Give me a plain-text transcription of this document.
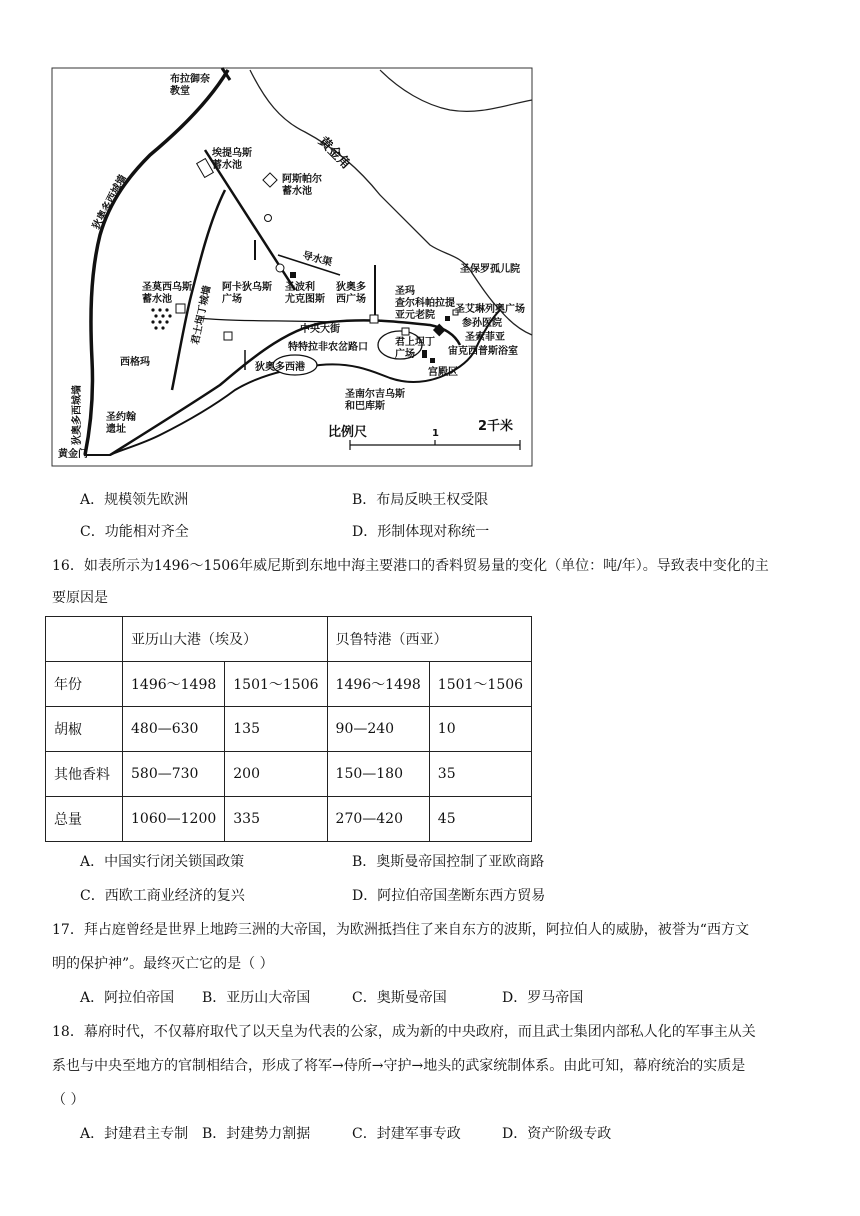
布拉御奈教堂
黄金角
狄奥多西城墙
狄奥多西城墙
君士坦丁城墙
埃提乌斯蓄水池
阿斯帕尔蓄水池
导水渠
圣莫西乌斯蓄水池
阿卡狄乌斯广场
圣波利尤克图斯
狄奥多西广场
圣玛查尔科帕拉提亚元老院
圣保罗孤儿院
圣艾琳列奥广场
参孙医院
圣索菲亚
宙克西普斯浴室
中央大街
特特拉非农岔路口	君上坦丁广场
宫殿区
西格玛	狄奥多西港
圣南尔吉乌斯和巴库斯
圣约翰遗址
黄金门
比例尺	1	2千米
A．规模领先欧洲	B．布局反映王权受限
C．功能相对齐全	D．形制体现对称统一
16．如表所示为1496～1506年威尼斯到东地中海主要港口的香料贸易量的变化（单位：吨/年）。导致表中变化的主
要原因是
	亚历山大港（埃及）		贝鲁特港（西亚）	
年份	1496～1498	1501～1506	1496～1498	1501～1506
胡椒	480—630	135	90—240	10
其他香料	580—730	200	150—180	35
总量	1060—1200	335	270—420	45
A．中国实行闭关锁国政策	B．奥斯曼帝国控制了亚欧商路
C．西欧工商业经济的复兴	D．阿拉伯帝国垄断东西方贸易
17．拜占庭曾经是世界上地跨三洲的大帝国，为欧洲抵挡住了来自东方的波斯，阿拉伯人的威胁，被誉为“西方文
明的保护神”。最终灭亡它的是（ ）
A．阿拉伯帝国 B．亚历山大帝国	C．奥斯曼帝国	D．罗马帝国
18．幕府时代，不仅幕府取代了以天皇为代表的公家，成为新的中央政府，而且武士集团内部私人化的军事主从关
系也与中央至地方的官制相结合，形成了将军→侍所→守护→地头的武家统制体系。由此可知，幕府统治的实质是
（ ）
A．封建君主专制 B．封建势力割据	C．封建军事专政	D．资产阶级专政
